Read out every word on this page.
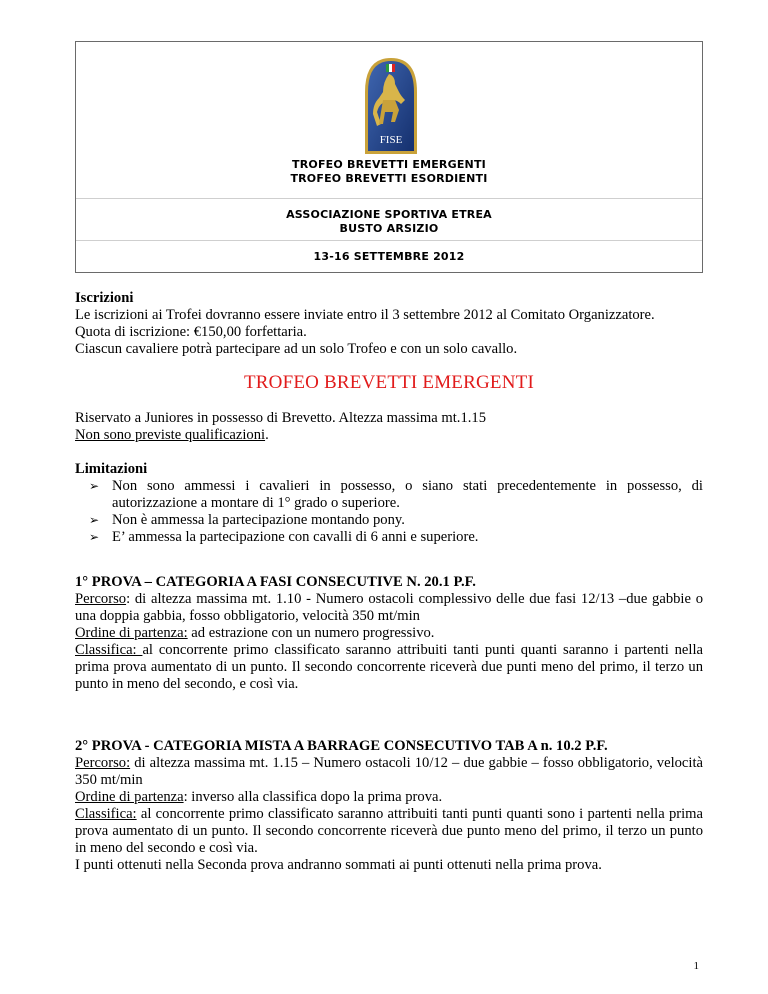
FISE
TROFEO BREVETTI EMERGENTI
TROFEO BREVETTI ESORDIENTI
ASSOCIAZIONE SPORTIVA ETREA
BUSTO ARSIZIO
13-16 SETTEMBRE 2012
Iscrizioni
Le iscrizioni ai Trofei dovranno essere inviate entro il 3 settembre 2012 al Comitato Organizzatore.
Quota di iscrizione: €150,00 forfettaria.
Ciascun cavaliere potrà partecipare ad un solo Trofeo e con un solo cavallo.
TROFEO BREVETTI EMERGENTI
Riservato a Juniores in possesso di Brevetto. Altezza massima mt.1.15
Non sono previste qualificazioni.
Limitazioni
➢ Non sono ammessi i cavalieri in possesso, o siano stati precedentemente in possesso, di autorizzazione a montare di 1° grado o superiore.
➢ Non è ammessa la partecipazione montando pony.
➢ E’ ammessa la partecipazione con cavalli di 6 anni e superiore.
1° PROVA – CATEGORIA A FASI CONSECUTIVE N. 20.1 P.F.
Percorso: di altezza massima mt. 1.10 - Numero ostacoli complessivo delle due fasi 12/13 –due gabbie o una doppia gabbia, fosso obbligatorio, velocità 350 mt/min
Ordine di partenza: ad estrazione con un numero progressivo.
Classifica: al concorrente primo classificato saranno attribuiti tanti punti quanti saranno i partenti nella prima prova aumentato di un punto. Il secondo concorrente riceverà due punti meno del primo, il terzo un punto in meno del secondo, e così via.
2° PROVA - CATEGORIA MISTA A BARRAGE CONSECUTIVO TAB A n. 10.2 P.F.
Percorso: di altezza massima mt. 1.15 – Numero ostacoli 10/12 – due gabbie – fosso obbligatorio, velocità 350 mt/min
Ordine di partenza: inverso alla classifica dopo la prima prova.
Classifica: al concorrente primo classificato saranno attribuiti tanti punti quanti sono i partenti nella prima prova aumentato di un punto. Il secondo concorrente riceverà due punto meno del primo, il terzo un punto in meno del secondo e così via.
I punti ottenuti nella Seconda prova andranno sommati ai punti ottenuti nella prima prova.
1
